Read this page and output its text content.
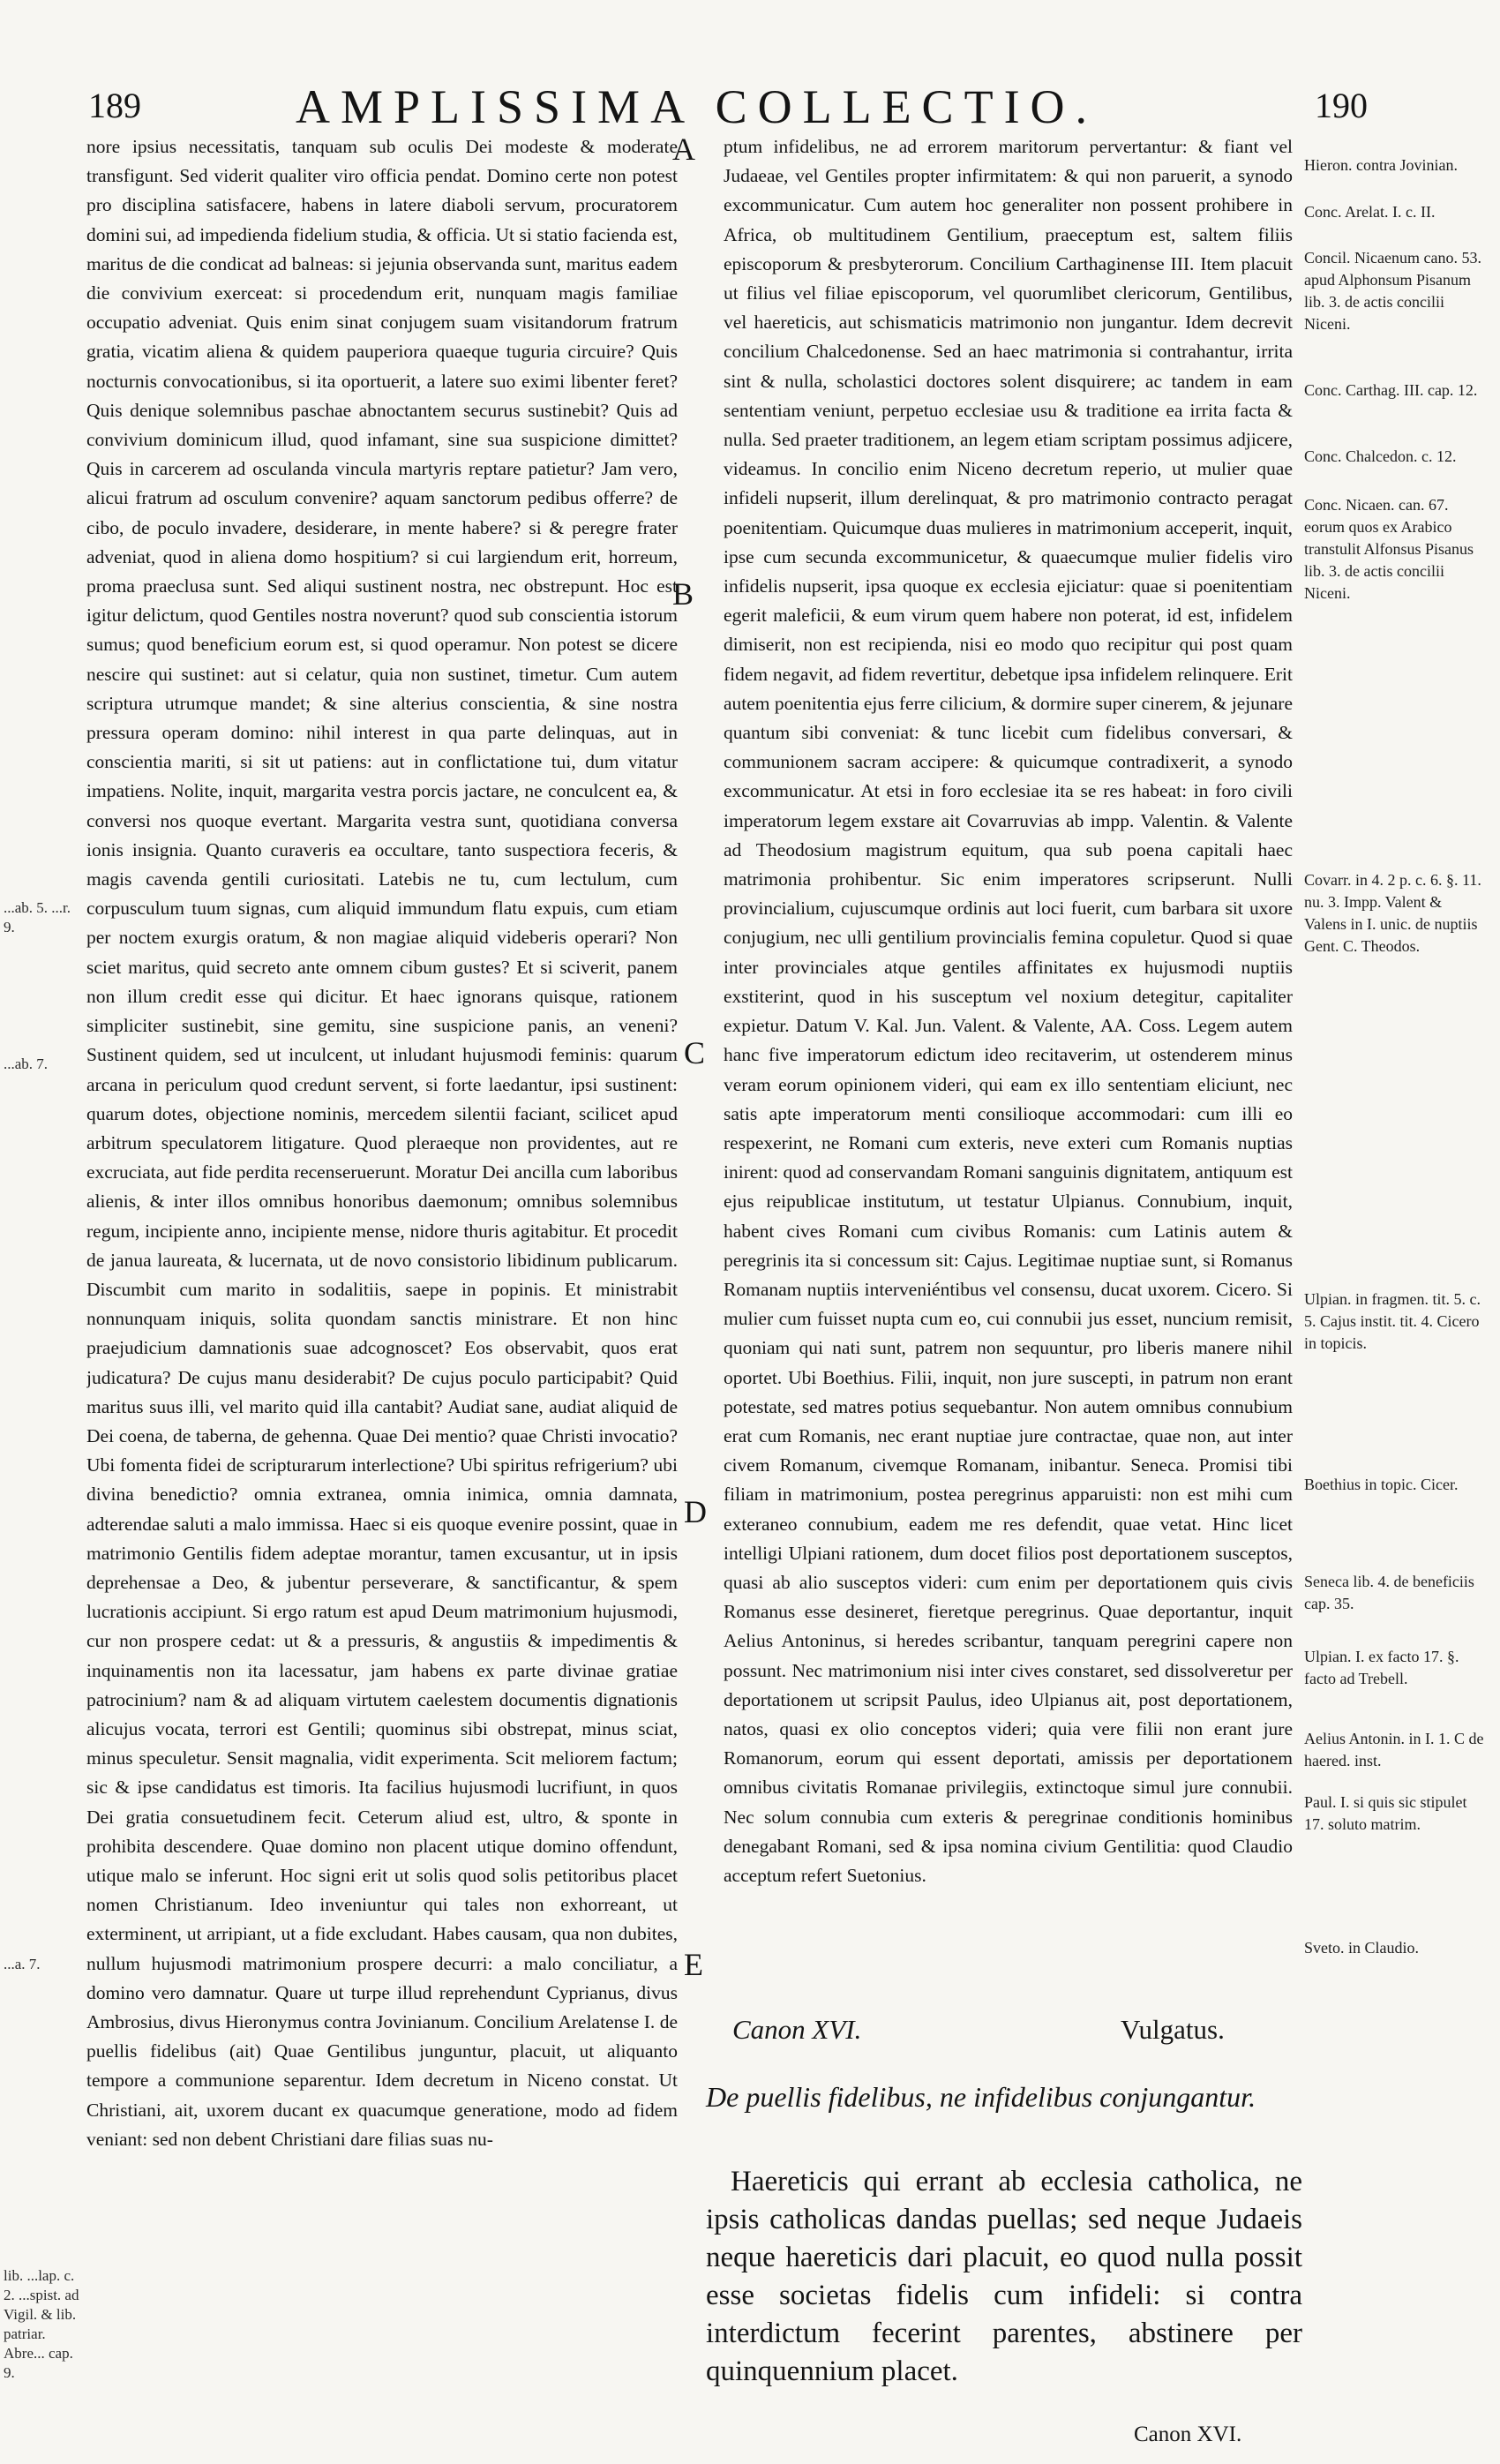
189	AMPLISSIMA COLLECTIO.	190
...ab. 5. ...r. 9.
...ab. 7.
...a. 7.
lib. ...lap. c. 2. ...spist. ad Vigil. & lib. patriar. Abre... cap. 9.

nore ipsius necessitatis, tanquam sub oculis Dei modeste & moderate transfigunt. Sed viderit qualiter viro officia pendat. Domino certe non potest pro disciplina satisfacere, habens in latere diaboli servum, procuratorem domini sui, ad impedienda fidelium studia, & officia. Ut si statio facienda est, maritus de die condicat ad balneas: si jejunia observanda sunt, maritus eadem die convivium exerceat: si procedendum erit, nunquam magis familiae occupatio adveniat. Quis enim sinat conjugem suam visitandorum fratrum gratia, vicatim aliena & quidem pauperiora quaeque tuguria circuire? Quis nocturnis convocationibus, si ita oportuerit, a latere suo eximi libenter feret? Quis denique solemnibus paschae abnoctantem securus sustinebit? Quis ad convivium dominicum illud, quod infamant, sine sua suspicione dimittet? Quis in carcerem ad osculanda vincula martyris reptare patietur? Jam vero, alicui fratrum ad osculum convenire? aquam sanctorum pedibus offerre? de cibo, de poculo invadere, desiderare, in mente habere? si & peregre frater adveniat, quod in aliena domo hospitium? si cui largiendum erit, horreum, proma praeclusa sunt. Sed aliqui sustinent nostra, nec obstrepunt. Hoc est igitur delictum, quod Gentiles nostra noverunt? quod sub conscientia istorum sumus; quod beneficium eorum est, si quod operamur. Non potest se dicere nescire qui sustinet: aut si celatur, quia non sustinet, timetur. Cum autem scriptura utrumque mandet; & sine alterius conscientia, & sine nostra pressura operam domino: nihil interest in qua parte delinquas, aut in conscientia mariti, si sit ut patiens: aut in conflictatione tui, dum vitatur impatiens. Nolite, inquit, margarita vestra porcis jactare, ne conculcent ea, & conversi nos quoque evertant. Margarita vestra sunt, quotidiana conversa ionis insignia. Quanto curaveris ea occultare, tanto suspectiora feceris, & magis cavenda gentili curiositati. Latebis ne tu, cum lectulum, cum corpusculum tuum signas, cum aliquid immundum flatu expuis, cum etiam per noctem exurgis oratum, & non magiae aliquid videberis operari? Non sciet maritus, quid secreto ante omnem cibum gustes? Et si sciverit, panem non illum credit esse qui dicitur. Et haec ignorans quisque, rationem simpliciter sustinebit, sine gemitu, sine suspicione panis, an veneni? Sustinent quidem, sed ut inculcent, ut inludant hujusmodi feminis: quarum arcana in periculum quod credunt servent, si forte laedantur, ipsi sustinent: quarum dotes, objectione nominis, mercedem silentii faciant, scilicet apud arbitrum speculatorem litigature. Quod pleraeque non providentes, aut re excruciata, aut fide perdita recenseruerunt. Moratur Dei ancilla cum laboribus alienis, & inter illos omnibus honoribus daemonum; omnibus solemnibus regum, incipiente anno, incipiente mense, nidore thuris agitabitur. Et procedit de janua laureata, & lucernata, ut de novo consistorio libidinum publicarum. Discumbit cum marito in sodalitiis, saepe in popinis. Et ministrabit nonnunquam iniquis, solita quondam sanctis ministrare. Et non hinc praejudicium damnationis suae adcognoscet? Eos observabit, quos erat judicatura? De cujus manu desiderabit? De cujus poculo participabit? Quid maritus suus illi, vel marito quid illa cantabit? Audiat sane, audiat aliquid de Dei coena, de taberna, de gehenna. Quae Dei mentio? quae Christi invocatio? Ubi fomenta fidei de scripturarum interlectione? Ubi spiritus refrigerium? ubi divina benedictio? omnia extranea, omnia inimica, omnia damnata, adterendae saluti a malo immissa. Haec si eis quoque evenire possint, quae in matrimonio Gentilis fidem adeptae morantur, tamen excusantur, ut in ipsis deprehensae a Deo, & jubentur perseverare, & sanctificantur, & spem lucrationis accipiunt. Si ergo ratum est apud Deum matrimonium hujusmodi, cur non prospere cedat: ut & a pressuris, & angustiis & impedimentis & inquinamentis non ita lacessatur, jam habens ex parte divinae gratiae patrocinium? nam & ad aliquam virtutem caelestem documentis dignationis alicujus vocata, terrori est Gentili; quominus sibi obstrepat, minus sciat, minus speculetur. Sensit magnalia, vidit experimenta. Scit meliorem factum; sic & ipse candidatus est timoris. Ita facilius hujusmodi lucrifiunt, in quos Dei gratia consuetudinem fecit. Ceterum aliud est, ultro, & sponte in prohibita descendere. Quae domino non placent utique domino offendunt, utique malo se inferunt. Hoc signi erit ut solis quod solis petitoribus placet nomen Christianum. Ideo inveniuntur qui tales non exhorreant, ut exterminent, ut arripiant, ut a fide excludant. Habes causam, qua non dubites, nullum hujusmodi matrimonium prospere decurri: a malo conciliatur, a domino vero damnatur. Quare ut turpe illud reprehendunt Cyprianus, divus Ambrosius, divus Hieronymus contra Jovinianum. Concilium Arelatense I. de puellis fidelibus (ait) Quae Gentilibus junguntur, placuit, ut aliquanto tempore a communione separentur. Idem decretum in Niceno constat. Ut Christiani, ait, uxorem ducant ex quacumque generatione, modo ad fidem veniant: sed non debent Christiani dare filias suas nu-

A
B
C
D
E

ptum infidelibus, ne ad errorem maritorum pervertantur: & fiant vel Judaeae, vel Gentiles propter infirmitatem: & qui non paruerit, a synodo excommunicatur. Cum autem hoc generaliter non possent prohibere in Africa, ob multitudinem Gentilium, praeceptum est, saltem filiis episcoporum & presbyterorum. Concilium Carthaginense III. Item placuit ut filius vel filiae episcoporum, vel quorumlibet clericorum, Gentilibus, vel haereticis, aut schismaticis matrimonio non jungantur. Idem decrevit concilium Chalcedonense. Sed an haec matrimonia si contrahantur, irrita sint & nulla, scholastici doctores solent disquirere; ac tandem in eam sententiam veniunt, perpetuo ecclesiae usu & traditione ea irrita facta & nulla. Sed praeter traditionem, an legem etiam scriptam possimus adjicere, videamus. In concilio enim Niceno decretum reperio, ut mulier quae infideli nupserit, illum derelinquat, & pro matrimonio contracto peragat poenitentiam. Quicumque duas mulieres in matrimonium acceperit, inquit, ipse cum secunda excommunicetur, & quaecumque mulier fidelis viro infidelis nupserit, ipsa quoque ex ecclesia ejiciatur: quae si poenitentiam egerit maleficii, & eum virum quem habere non poterat, id est, infidelem dimiserit, non est recipienda, nisi eo modo quo recipitur qui post quam fidem negavit, ad fidem revertitur, debetque ipsa infidelem relinquere. Erit autem poenitentia ejus ferre cilicium, & dormire super cinerem, & jejunare quantum sibi conveniat: & tunc licebit cum fidelibus conversari, & communionem sacram accipere: & quicumque contradixerit, a synodo excommunicatur. At etsi in foro ecclesiae ita se res habeat: in foro civili imperatorum legem exstare ait Covarruvias ab impp. Valentin. & Valente ad Theodosium magistrum equitum, qua sub poena capitali haec matrimonia prohibentur. Sic enim imperatores scripserunt. Nulli provincialium, cujuscumque ordinis aut loci fuerit, cum barbara sit uxore conjugium, nec ulli gentilium provincialis femina copuletur. Quod si quae inter provinciales atque gentiles affinitates ex hujusmodi nuptiis exstiterint, quod in his susceptum vel noxium detegitur, capitaliter expietur. Datum V. Kal. Jun. Valent. & Valente, AA. Coss. Legem autem hanc five imperatorum edictum ideo recitaverim, ut ostenderem minus veram eorum opinionem videri, qui eam ex illo sententiam eliciunt, nec satis apte imperatorum menti consilioque accommodari: cum illi eo respexerint, ne Romani cum exteris, neve exteri cum Romanis nuptias inirent: quod ad conservandam Romani sanguinis dignitatem, antiquum est ejus reipublicae institutum, ut testatur Ulpianus. Connubium, inquit, habent cives Romani cum civibus Romanis: cum Latinis autem & peregrinis ita si concessum sit: Cajus. Legitimae nuptiae sunt, si Romanus Romanam nuptiis interveniéntibus vel consensu, ducat uxorem. Cicero. Si mulier cum fuisset nupta cum eo, cui connubii jus esset, nuncium remisit, quoniam qui nati sunt, patrem non sequuntur, pro liberis manere nihil oportet. Ubi Boethius. Filii, inquit, non jure suscepti, in patrum non erant potestate, sed matres potius sequebantur. Non autem omnibus connubium erat cum Romanis, nec erant nuptiae jure contractae, quae non, aut inter civem Romanum, civemque Romanam, inibantur. Seneca. Promisi tibi filiam in matrimonium, postea peregrinus apparuisti: non est mihi cum exteraneo connubium, eadem me res defendit, quae vetat. Hinc licet intelligi Ulpiani rationem, dum docet filios post deportationem susceptos, quasi ab alio susceptos videri: cum enim per deportationem quis civis Romanus esse desineret, fieretque peregrinus. Quae deportantur, inquit Aelius Antoninus, si heredes scribantur, tanquam peregrini capere non possunt. Nec matrimonium nisi inter cives constaret, sed dissolveretur per deportationem ut scripsit Paulus, ideo Ulpianus ait, post deportationem, natos, quasi ex olio conceptos videri; quia vere filii non erant jure Romanorum, eorum qui essent deportati, amissis per deportationem omnibus civitatis Romanae privilegiis, extinctoque simul jure connubii. Nec solum connubia cum exteris & peregrinae conditionis hominibus denegabant Romani, sed & ipsa nomina civium Gentilitia: quod Claudio acceptum refert Suetonius.

Hieron. contra Jovinian.
Conc. Arelat. I. c. II.
Concil. Nicaenum cano. 53. apud Alphonsum Pisanum lib. 3. de actis concilii Niceni.
Conc. Carthag. III. cap. 12.
Conc. Chalcedon. c. 12.
Conc. Nicaen. can. 67. eorum quos ex Arabico transtulit Alfonsus Pisanus lib. 3. de actis concilii Niceni.
Covarr. in 4. 2 p. c. 6. §. 11. nu. 3. Impp. Valent & Valens in I. unic. de nuptiis Gent. C. Theodos.
Ulpian. in fragmen. tit. 5. c. 5. Cajus instit. tit. 4. Cicero in topicis.
Boethius in topic. Cicer.
Seneca lib. 4. de beneficiis cap. 35.
Ulpian. I. ex facto 17. §. facto ad Trebell.
Aelius Antonin. in I. 1. C de haered. inst.
Paul. I. si quis sic stipulet 17. soluto matrim.
Sveto. in Claudio.
Canon XVI.	Vulgatus.
De puellis fidelibus, ne infidelibus conjungantur.

Haereticis qui errant ab ecclesia catholica, ne ipsis catholicas dandas puellas; sed neque Judaeis neque haereticis dari placuit, eo quod nulla possit esse societas fidelis cum infideli: si contra interdictum fecerint parentes, abstinere per quinquennium placet.

Canon XVI.
